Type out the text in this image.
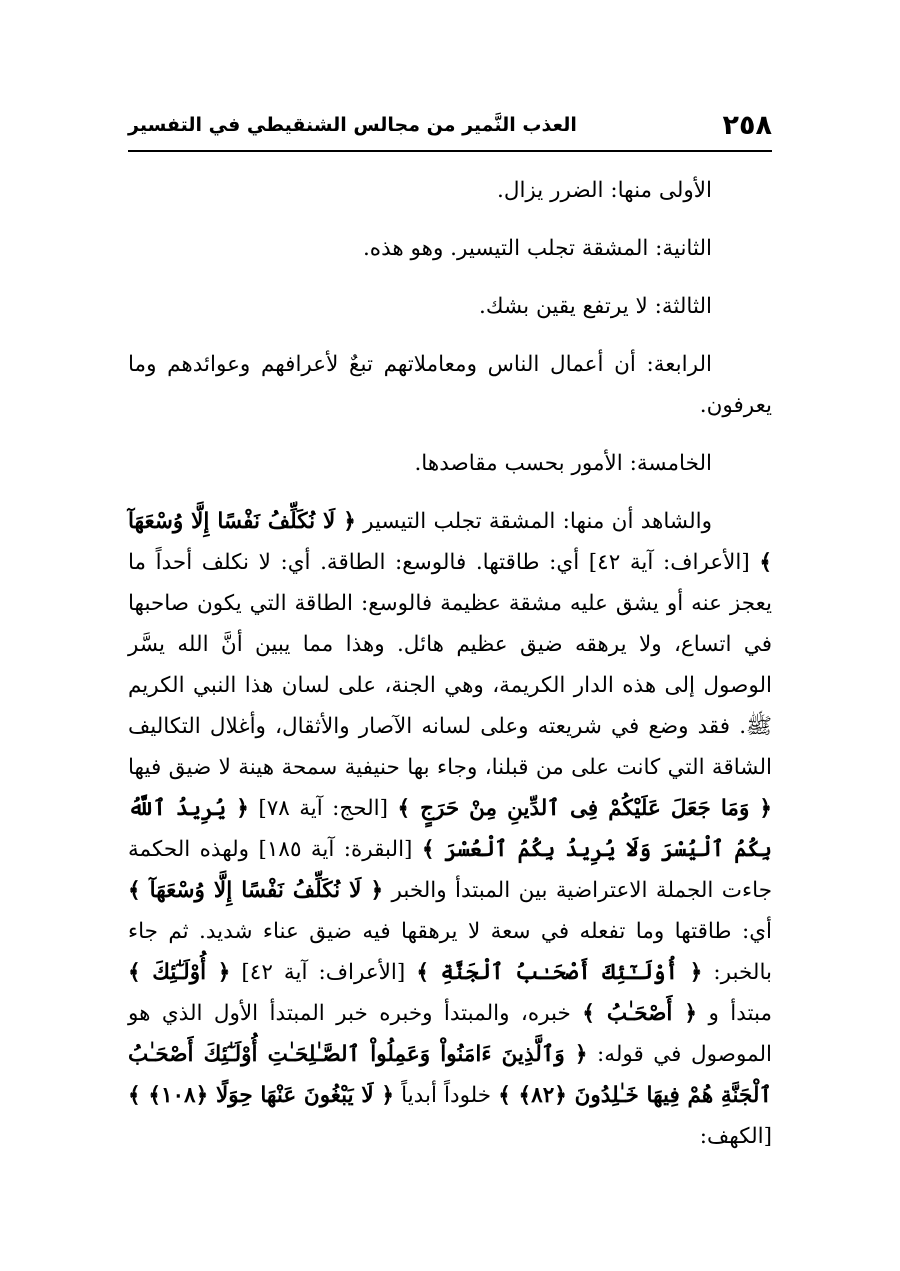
٢٥٨
العذب النَّمير من مجالس الشنقيطي في التفسير

الأولى منها: الضرر يزال.

الثانية: المشقة تجلب التيسير. وهو هذه.

الثالثة: لا يرتفع يقين بشك.

الرابعة: أن أعمال الناس ومعاملاتهم تبعٌ لأعرافهم وعوائدهم وما يعرفون.

الخامسة: الأمور بحسب مقاصدها.

والشاهد أن منها: المشقة تجلب التيسير ﴿ لَا نُكَلِّفُ نَفْسًا إِلَّا وُسْعَهَآ ﴾ [الأعراف: آية ٤٢] أي: طاقتها. فالوسع: الطاقة. أي: لا نكلف أحداً ما يعجز عنه أو يشق عليه مشقة عظيمة فالوسع: الطاقة التي يكون صاحبها في اتساع، ولا يرهقه ضيق عظيم هائل. وهذا مما يبين أنَّ الله يسَّر الوصول إلى هذه الدار الكريمة، وهي الجنة، على لسان هذا النبي الكريم ﷺ. فقد وضع في شريعته وعلى لسانه الآصار والأثقال، وأغلال التكاليف الشاقة التي كانت على من قبلنا، وجاء بها حنيفية سمحة هينة لا ضيق فيها ﴿ وَمَا جَعَلَ عَلَيْكُمْ فِى ٱلدِّينِ مِنْ حَرَجٍ ﴾ [الحج: آية ٧٨] ﴿ يُرِيدُ ٱللَّهُ بِكُمُ ٱلْيُسْرَ وَلَا يُرِيدُ بِكُمُ ٱلْعُسْرَ ﴾ [البقرة: آية ١٨٥] ولهذه الحكمة جاءت الجملة الاعتراضية بين المبتدأ والخبر ﴿ لَا نُكَلِّفُ نَفْسًا إِلَّا وُسْعَهَآ ﴾ أي: طاقتها وما تفعله في سعة لا يرهقها فيه ضيق عناء شديد. ثم جاء بالخبر: ﴿ أُوْلَـٰٓئِكَ أَصْحَـٰبُ ٱلْجَنَّةِ ﴾ [الأعراف: آية ٤٢] ﴿ أُوْلَـٰٓئِكَ ﴾ مبتدأ و ﴿ أَصْحَـٰبُ ﴾ خبره، والمبتدأ وخبره خبر المبتدأ الأول الذي هو الموصول في قوله: ﴿ وَٱلَّذِينَ ءَامَنُواْ وَعَمِلُواْ ٱلصَّـٰلِحَـٰتِ أُوْلَـٰٓئِكَ أَصْحَـٰبُ ٱلْجَنَّةِ هُمْ فِيهَا خَـٰلِدُونَ ﴿٨٢﴾ ﴾ خلوداً أبدياً ﴿ لَا يَبْغُونَ عَنْهَا حِوَلًا ﴿١٠٨﴾ ﴾ [الكهف:
